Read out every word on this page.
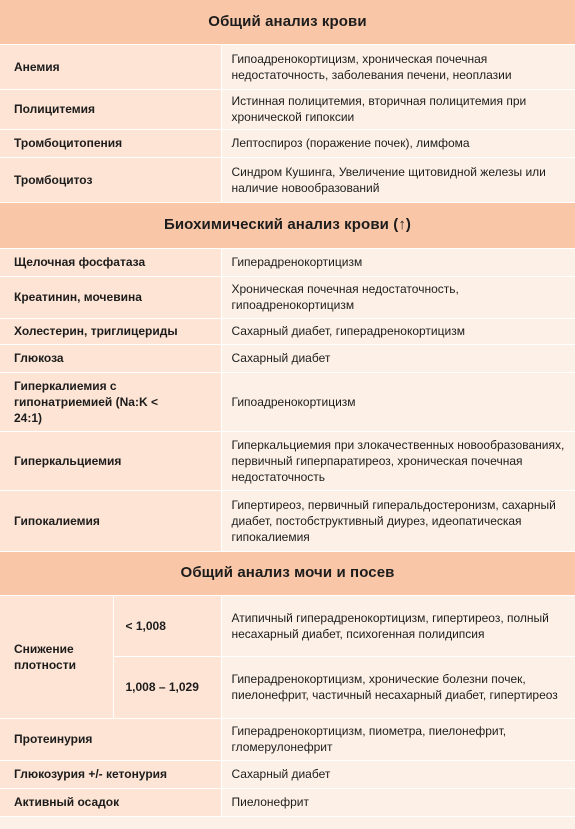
Общий анализ крови		
Анемия		Гипоадренокортицизм, хроническая почечная недостаточность, заболевания печени, неоплазии
Полицитемия		Истинная полицитемия, вторичная полицитемия при хронической гипоксии
Тромбоцитопения		Лептоспироз (поражение почек), лимфома
Тромбоцитоз		Синдром Кушинга, Увеличение щитовидной железы или наличие новообразований
Биохимический анализ крови (↑)		
Щелочная фосфатаза		Гиперадренокортицизм
Креатинин, мочевина		Хроническая почечная недостаточность, гипоадренокортицизм
Холестерин, триглицериды		Сахарный диабет, гиперадренокортицизм
Глюкоза		Сахарный диабет
Гиперкалиемия с гипонатриемией (Na:K < 24:1)		Гипоадренокортицизм
Гиперкальциемия		Гиперкальциемия при злокачественных новообразованиях, первичный гиперпаратиреоз, хроническая почечная недостаточность
Гипокалиемия		Гипертиреоз, первичный гиперальдостеронизм, сахарный диабет, постобструктивный диурез, идеопатическая гипокалиемия
Общий анализ мочи и посев		
Снижение плотности	< 1,008	Атипичный гиперадренокортицизм, гипертиреоз, полный несахарный диабет, психогенная полидипсия
	1,008 – 1,029	Гиперадренокортицизм, хронические болезни почек, пиелонефрит, частичный несахарный диабет, гипертиреоз
Протеинурия		Гиперадренокортицизм, пиометра, пиелонефрит, гломерулонефрит
Глюкозурия +/- кетонурия		Сахарный диабет
Активный осадок		Пиелонефрит
